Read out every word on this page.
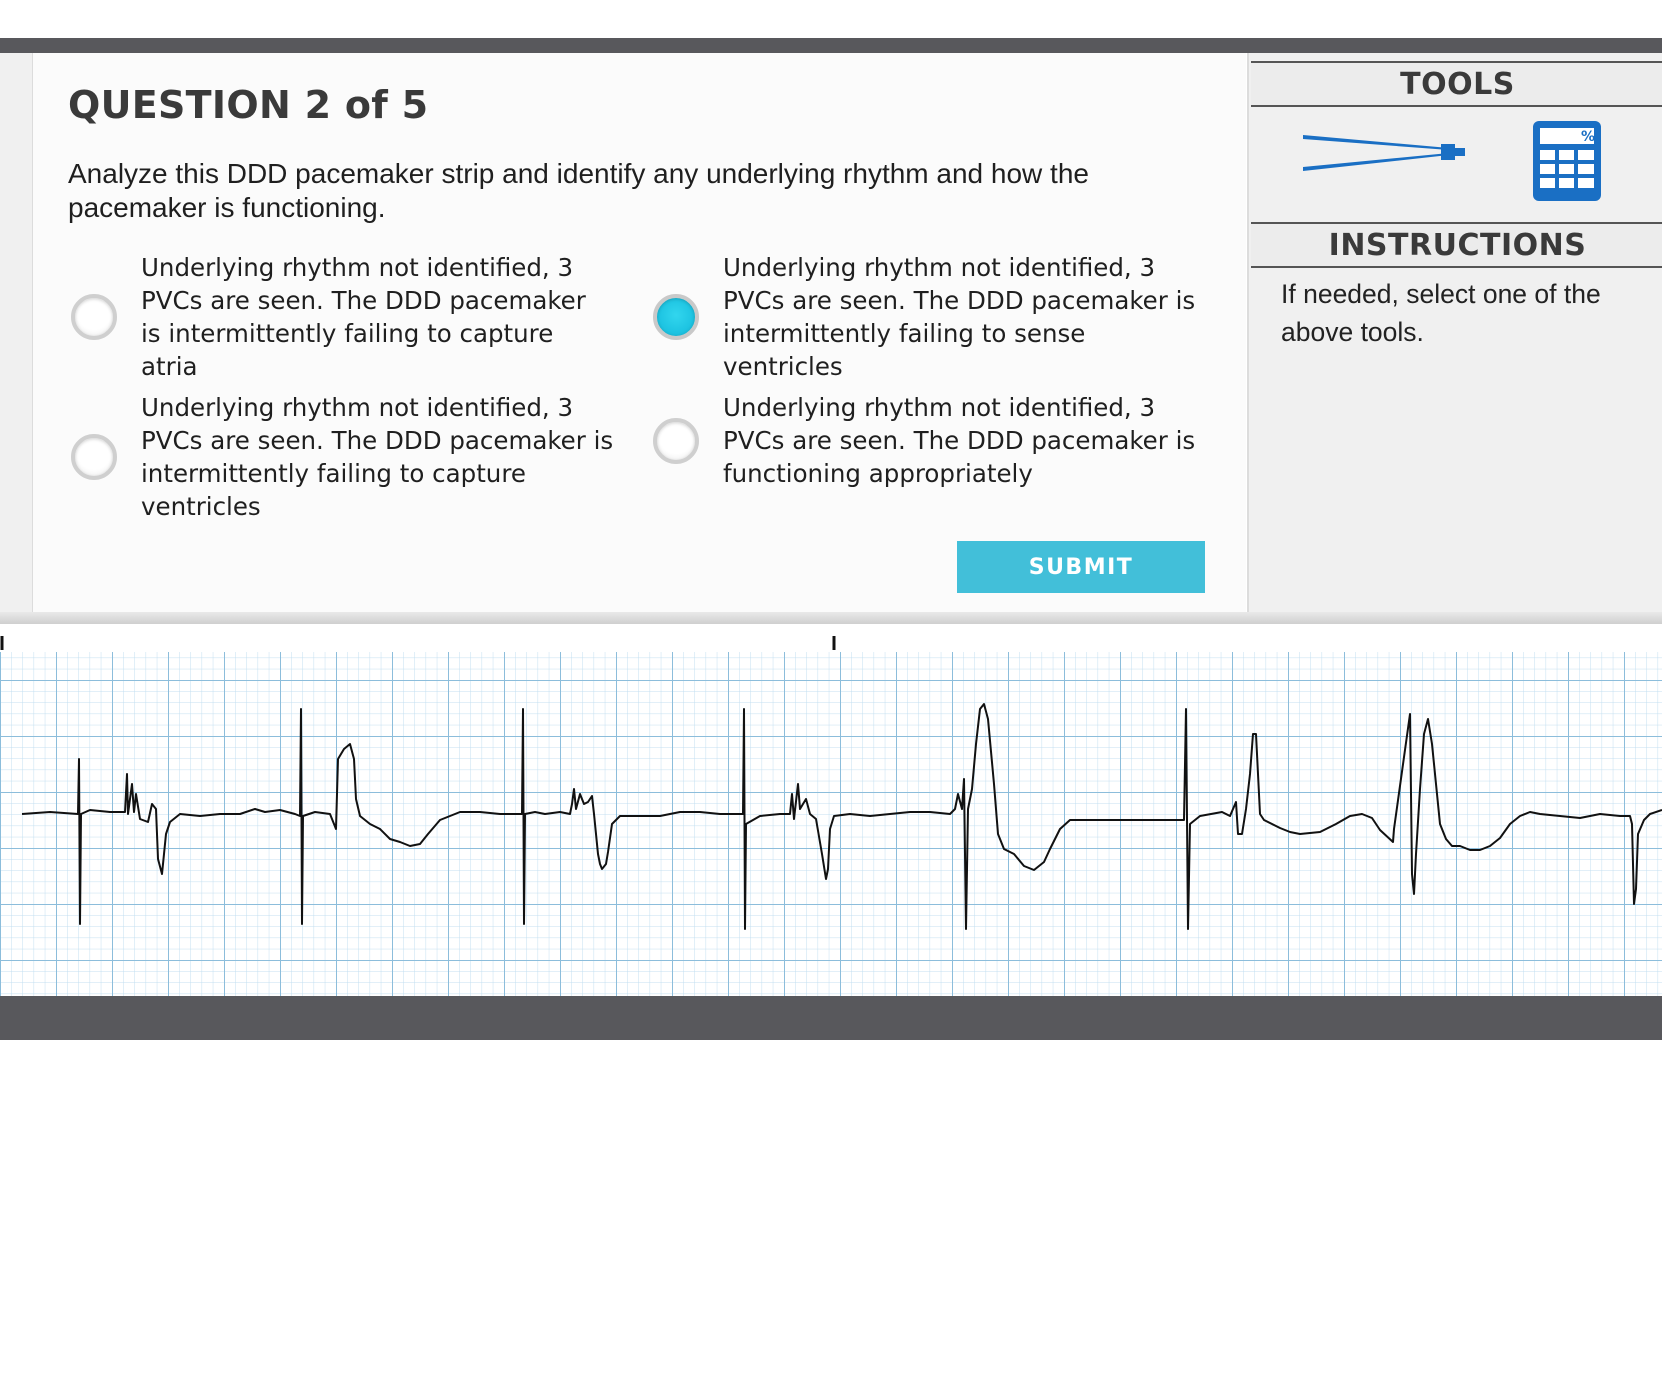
QUESTION 2 of 5

Analyze this DDD pacemaker strip and identify any underlying rhythm and how the pacemaker is functioning.

Underlying rhythm not identified, 3 PVCs are seen. The DDD pacemaker is intermittently failing to capture atria
Underlying rhythm not identified, 3 PVCs are seen. The DDD pacemaker is intermittently failing to sense ventricles
Underlying rhythm not identified, 3 PVCs are seen. The DDD pacemaker is intermittently failing to capture ventricles
Underlying rhythm not identified, 3 PVCs are seen. The DDD pacemaker is functioning appropriately
SUBMIT
TOOLS
%
INSTRUCTIONS

If needed, select one of the above tools.
